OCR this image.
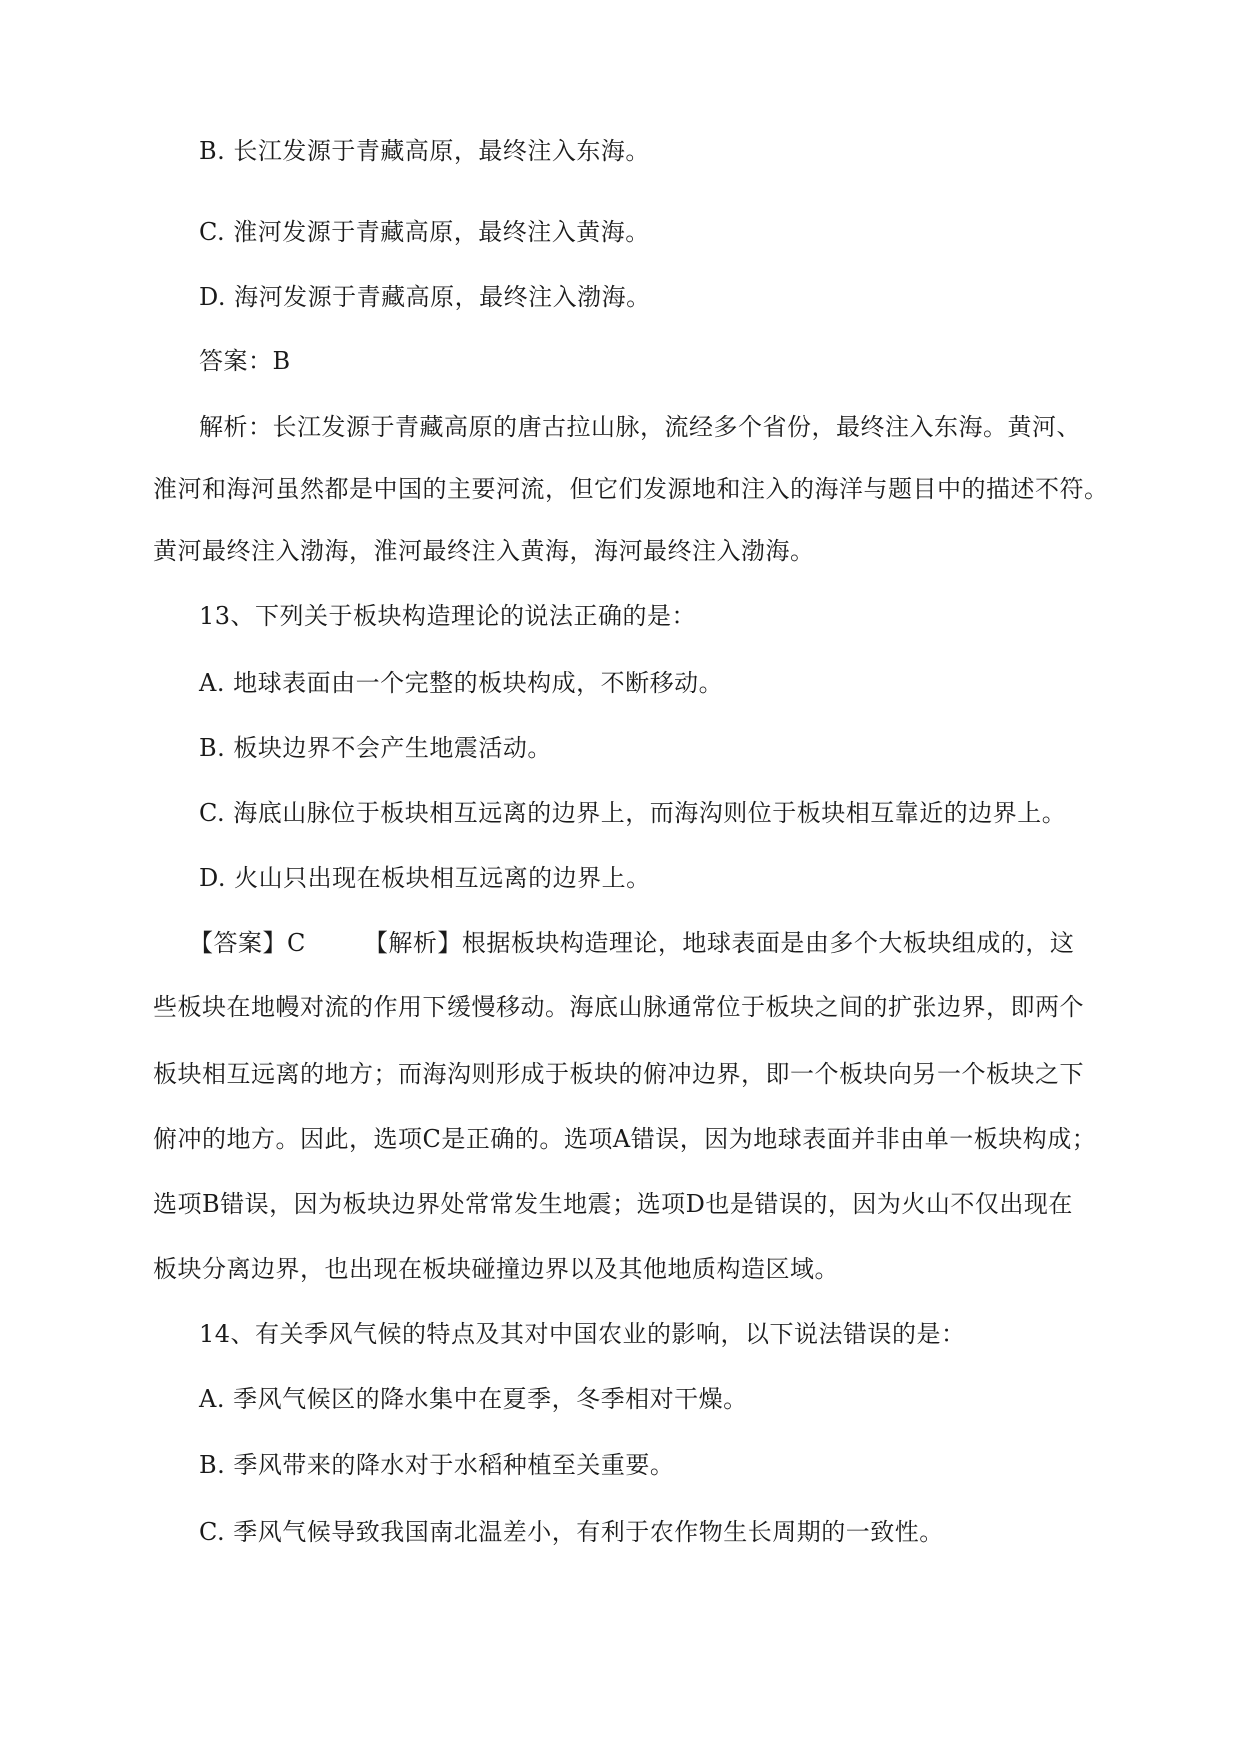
B. 长江发源于青藏高原，最终注入东海。
C. 淮河发源于青藏高原，最终注入黄海。
D. 海河发源于青藏高原，最终注入渤海。
答案：B
解析：长江发源于青藏高原的唐古拉山脉，流经多个省份，最终注入东海。黄河、
淮河和海河虽然都是中国的主要河流，但它们发源地和注入的海洋与题目中的描述不符。
黄河最终注入渤海，淮河最终注入黄海，海河最终注入渤海。
13、下列关于板块构造理论的说法正确的是：
A. 地球表面由一个完整的板块构成，不断移动。
B. 板块边界不会产生地震活动。
C. 海底山脉位于板块相互远离的边界上，而海沟则位于板块相互靠近的边界上。
D. 火山只出现在板块相互远离的边界上。
【答案】C 【解析】根据板块构造理论，地球表面是由多个大板块组成的，这
些板块在地幔对流的作用下缓慢移动。海底山脉通常位于板块之间的扩张边界，即两个
板块相互远离的地方；而海沟则形成于板块的俯冲边界，即一个板块向另一个板块之下
俯冲的地方。因此，选项C是正确的。选项A错误，因为地球表面并非由单一板块构成；
选项B错误，因为板块边界处常常发生地震；选项D也是错误的，因为火山不仅出现在
板块分离边界，也出现在板块碰撞边界以及其他地质构造区域。
14、有关季风气候的特点及其对中国农业的影响，以下说法错误的是：
A. 季风气候区的降水集中在夏季，冬季相对干燥。
B. 季风带来的降水对于水稻种植至关重要。
C. 季风气候导致我国南北温差小，有利于农作物生长周期的一致性。
